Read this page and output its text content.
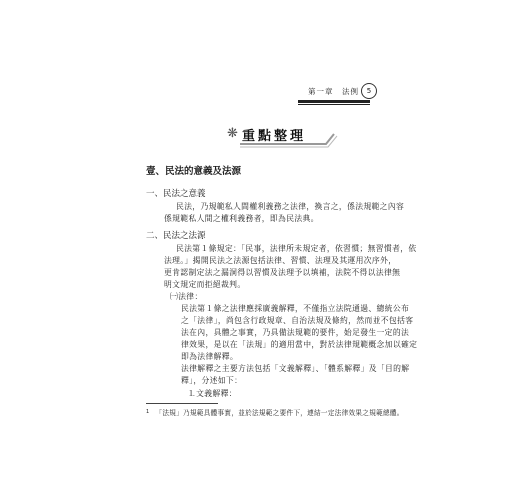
第一章　法例	5
❋ 重點整理
壹、民法的意義及法源
一、民法之意義
民法，乃規範私人間權利義務之法律，換言之，係法規範之內容
係規範私人間之權利義務者，即為民法典。
二、民法之法源
民法第１條規定：「民事，法律所未規定者，依習慣；無習慣者，依
法理。」揭開民法之法源包括法律、習慣、法理及其運用次序外，
更肯認制定法之漏洞得以習慣及法理予以填補，法院不得以法律無
明文規定而拒絕裁判。
㈠法律：
民法第１條之法律應採廣義解釋，不僅指立法院通過、總統公布
之「法律」，尚包含行政規章、自治法規及條約，然而並不包括客
法在內，具體之事實，乃具備法規範的要件，始足發生一定的法
律效果，是以在「法規」的適用當中，對於法律規範概念加以確定
即為法律解釋。
$^1$ 「法規」乃規範具體事實，並於法規範之要件下，連結一定法律效果之規範總體。
法律解釋之主要方法包括「文義解釋」、「體系解釋」及「目的解
釋」，分述如下：
⒈文義解釋：
